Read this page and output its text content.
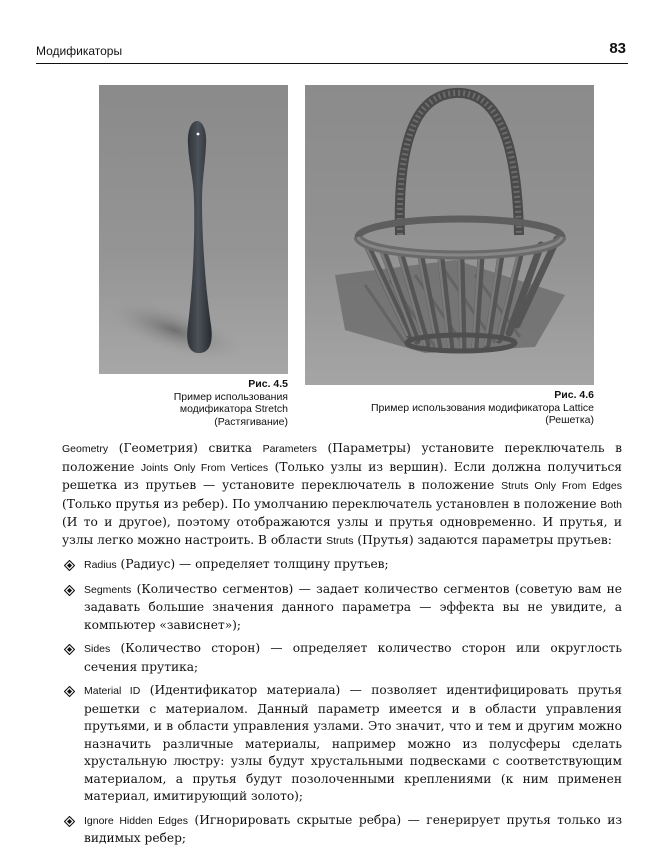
Модификаторы	83
Рис. 4.5
Пример использования
модификатора Stretch
(Растягивание)
Рис. 4.6
Пример использования модификатора Lattice
(Решетка)

Geometry (Геометрия) свитка Parameters (Параметры) установите переключатель в положение Joints Only From Vertices (Только узлы из вершин). Если должна получиться решетка из прутьев — установите переключатель в положение Struts Only From Edges (Только прутья из ребер). По умолчанию переключатель установлен в положение Both (И то и другое), поэтому отображаются узлы и прутья одновременно. И прутья, и узлы легко можно настроить. В области Struts (Прутья) задаются параметры прутьев:

Radius (Радиус) — определяет толщину прутьев;
Segments (Количество сегментов) — задает количество сегментов (советую вам не задавать большие значения данного параметра — эффекта вы не увидите, а компьютер «зависнет»);
Sides (Количество сторон) — определяет количество сторон или округлость сечения прутика;
Material ID (Идентификатор материала) — позволяет идентифицировать прутья решетки с материалом. Данный параметр имеется и в области управления прутьями, и в области управления узлами. Это значит, что и тем и другим можно назначить различные материалы, например можно из полусферы сделать хрустальную люстру: узлы будут хрустальными подвесками с соответствующим материалом, а прутья будут позолоченными креплениями (к ним применен материал, имитирующий золото);
Ignore Hidden Edges (Игнорировать скрытые ребра) — генерирует прутья только из видимых ребер;
